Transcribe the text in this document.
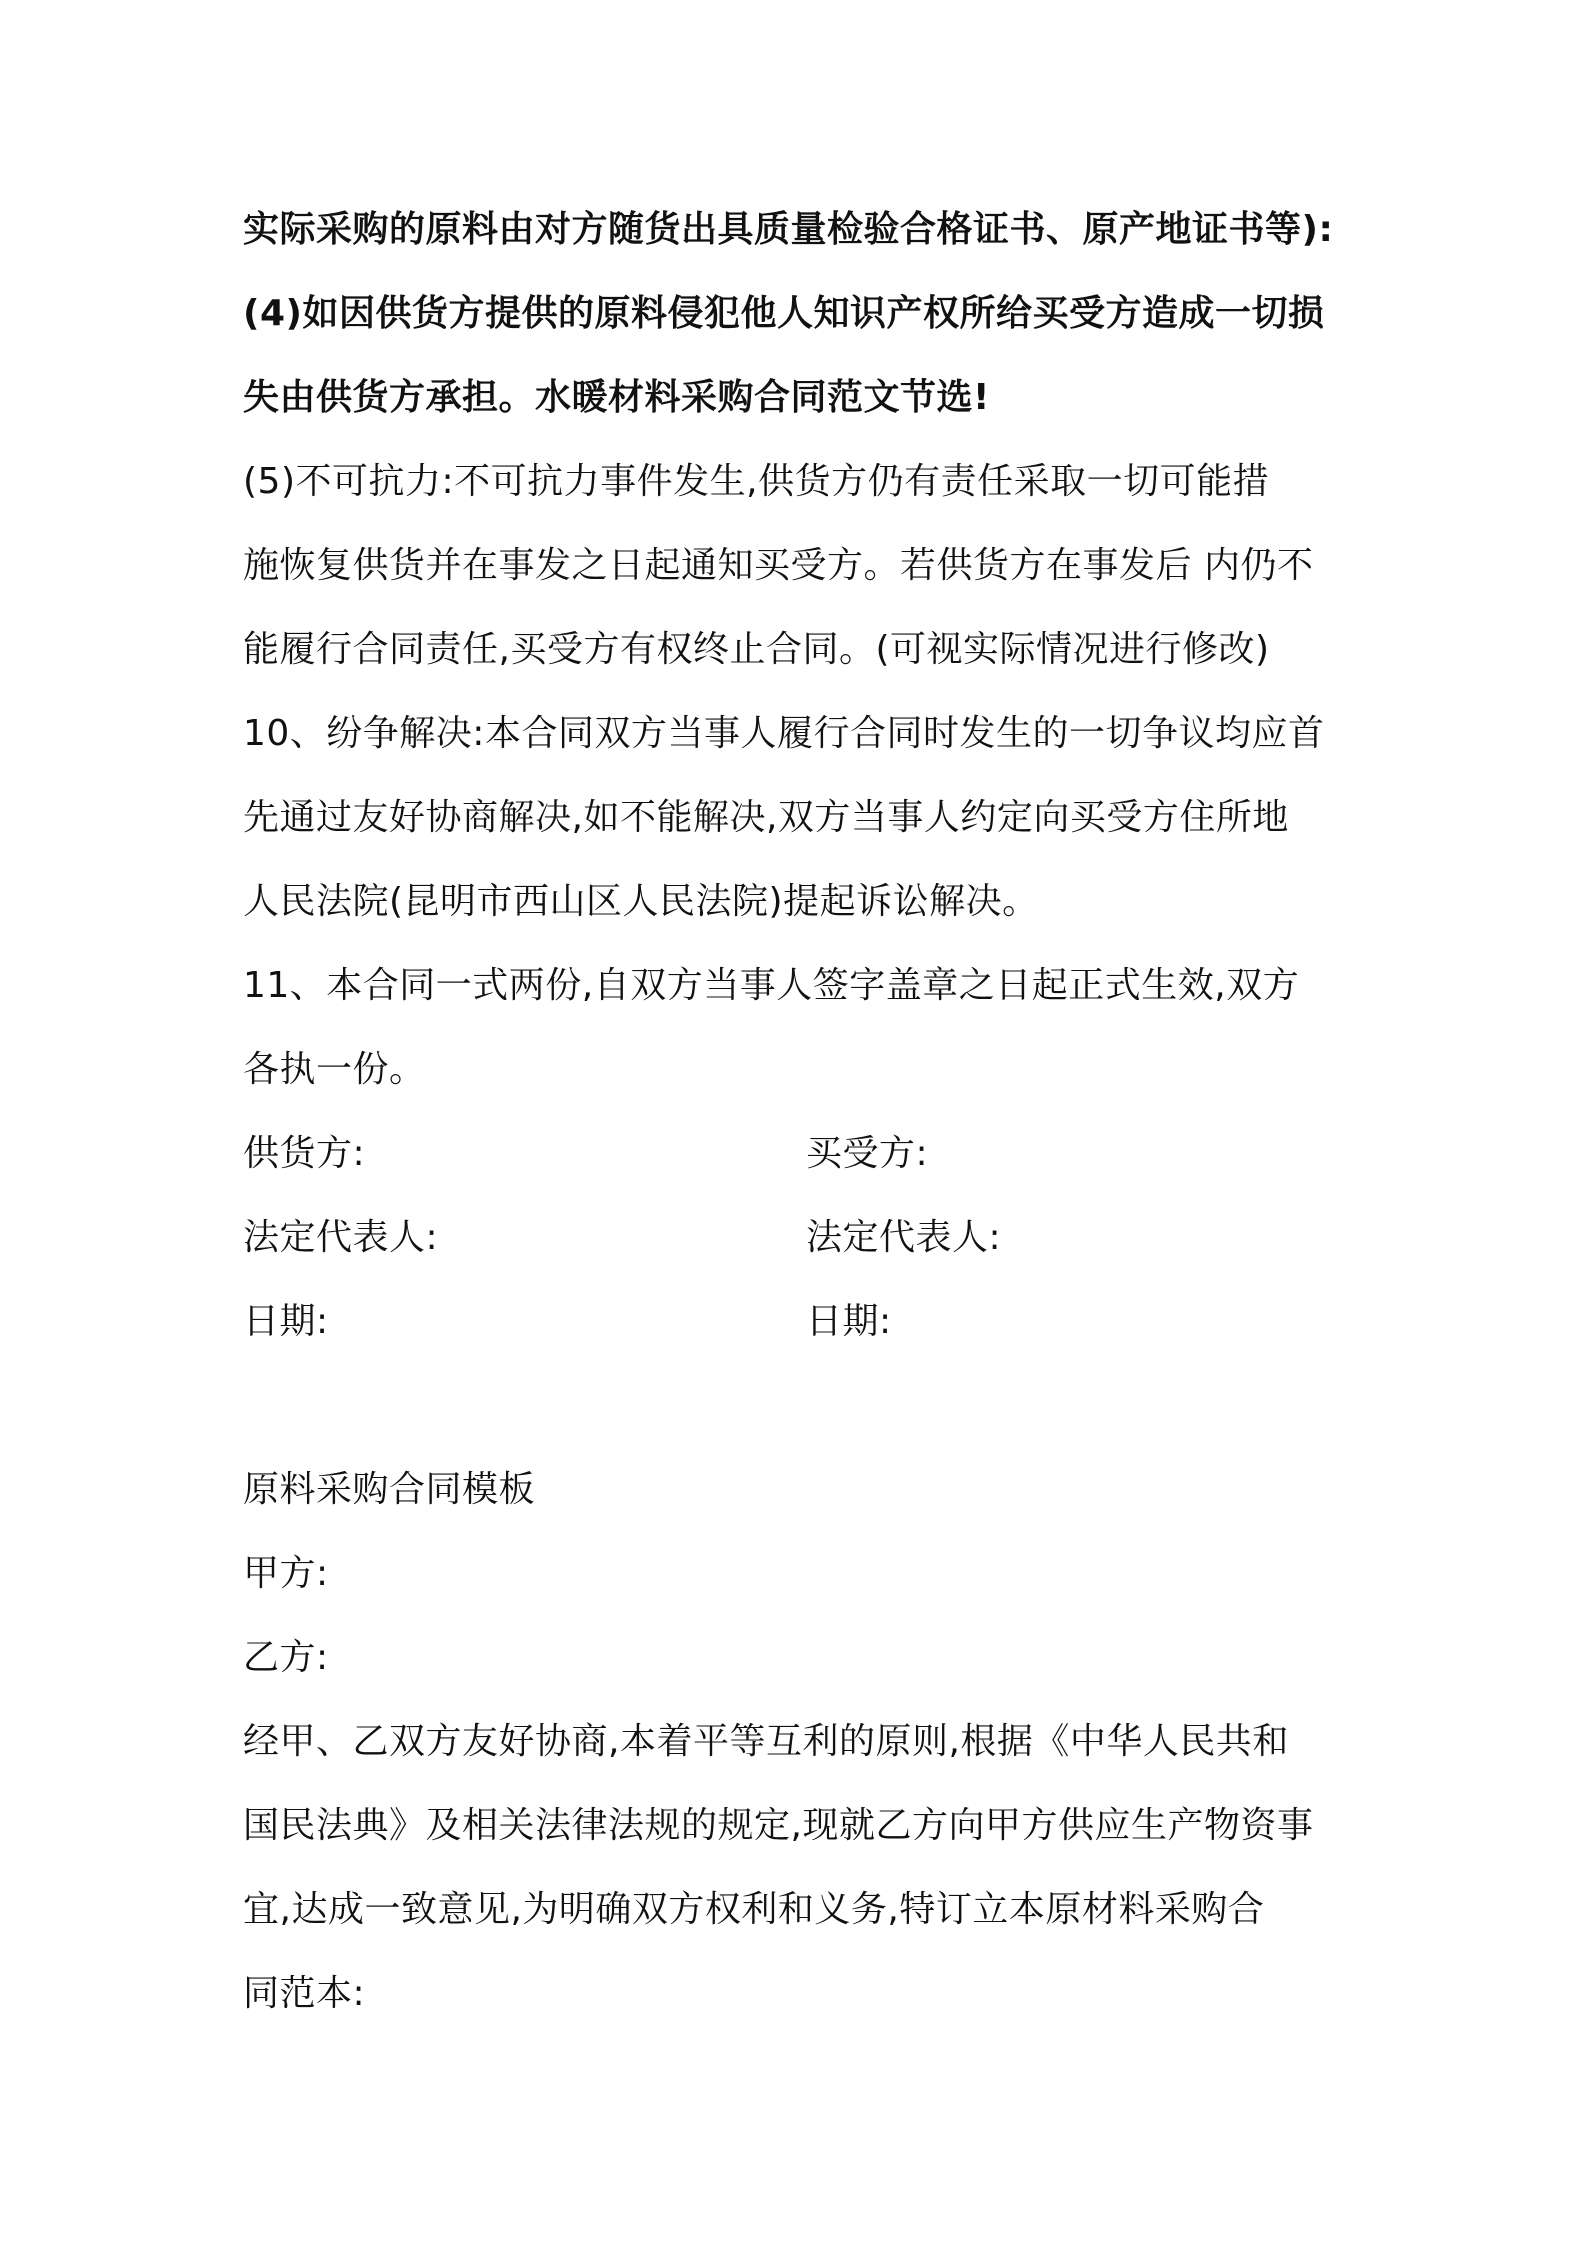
实际采购的原料由对方随货出具质量检验合格证书、原产地证书等):
(4)如因供货方提供的原料侵犯他人知识产权所给买受方造成一切损
失由供货方承担。水暖材料采购合同范文节选!
(5)不可抗力:不可抗力事件发生,供货方仍有责任采取一切可能措
施恢复供货并在事发之日起通知买受方。若供货方在事发后 内仍不
能履行合同责任,买受方有权终止合同。(可视实际情况进行修改)
10、纷争解决:本合同双方当事人履行合同时发生的一切争议均应首
先通过友好协商解决,如不能解决,双方当事人约定向买受方住所地
人民法院(昆明市西山区人民法院)提起诉讼解决。
11、本合同一式两份,自双方当事人签字盖章之日起正式生效,双方
各执一份。
供货方:	买受方:
法定代表人:	法定代表人:
日期:	日期:
原料采购合同模板
甲方:
乙方:
经甲、乙双方友好协商,本着平等互利的原则,根据《中华人民共和
国民法典》及相关法律法规的规定,现就乙方向甲方供应生产物资事
宜,达成一致意见,为明确双方权利和义务,特订立本原材料采购合
同范本:
